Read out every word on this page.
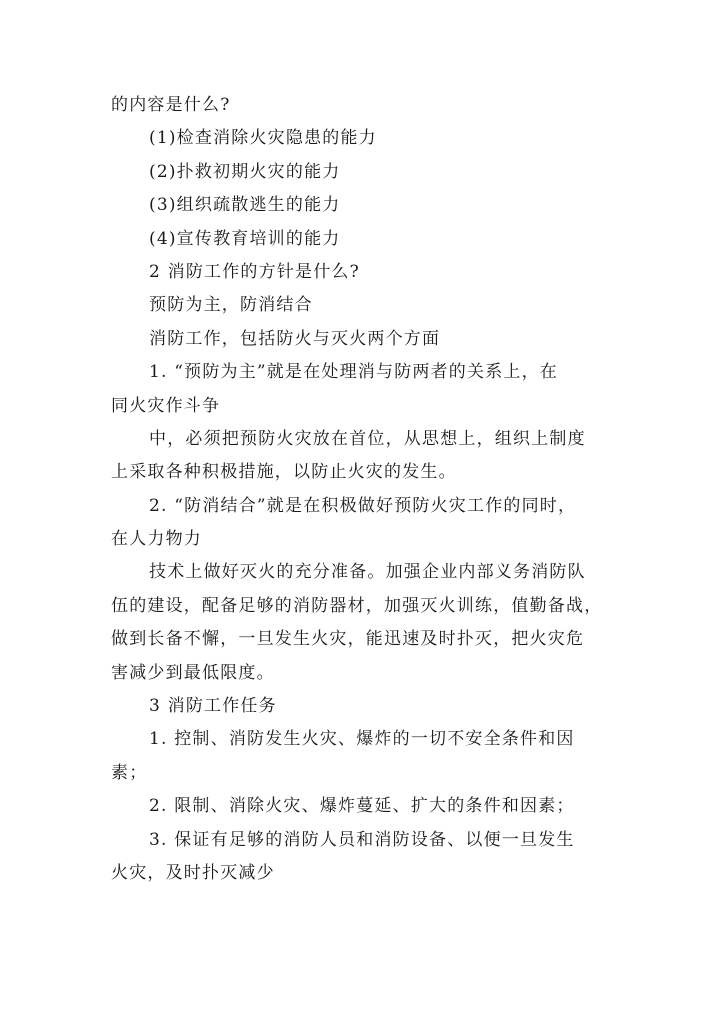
的内容是什么?
(1)检查消除火灾隐患的能力
(2)扑救初期火灾的能力
(3)组织疏散逃生的能力
(4)宣传教育培训的能力
2 消防工作的方针是什么?
预防为主，防消结合
消防工作，包括防火与灭火两个方面
1. “预防为主”就是在处理消与防两者的关系上，在
同火灾作斗争
中，必须把预防火灾放在首位，从思想上，组织上制度
上采取各种积极措施，以防止火灾的发生。
2. “防消结合”就是在积极做好预防火灾工作的同时，
在人力物力
技术上做好灭火的充分准备。加强企业内部义务消防队
伍的建设，配备足够的消防器材，加强灭火训练，值勤备战，
做到长备不懈，一旦发生火灾，能迅速及时扑灭，把火灾危
害减少到最低限度。
3 消防工作任务
1. 控制、消防发生火灾、爆炸的一切不安全条件和因
素；
2. 限制、消除火灾、爆炸蔓延、扩大的条件和因素；
3. 保证有足够的消防人员和消防设备、以便一旦发生
火灾，及时扑灭减少
